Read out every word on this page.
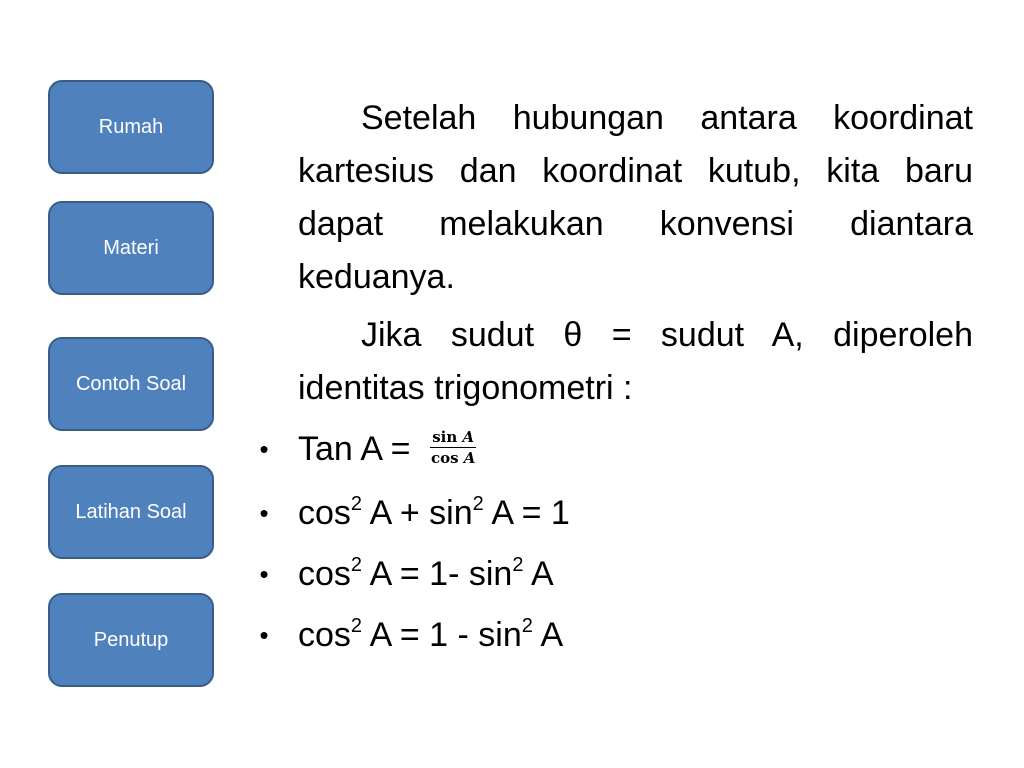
Rumah
Materi
Contoh Soal
Latihan Soal
Penutup
Setelah hubungan antara koordinat kartesius dan koordinat kutub, kita baru dapat melakukan konvensi diantara keduanya.
Jika sudut θ = sudut A, diperoleh identitas trigonometri :
• Tan $A = \frac{\text{sin A}}{\text{cos A}}$
• $\cos^2 A + \sin^2 A = 1$
• $\cos^2 A = 1-$ $\sin^2 A$
• $\cos^2 A = 1 - \sin^2 A$
